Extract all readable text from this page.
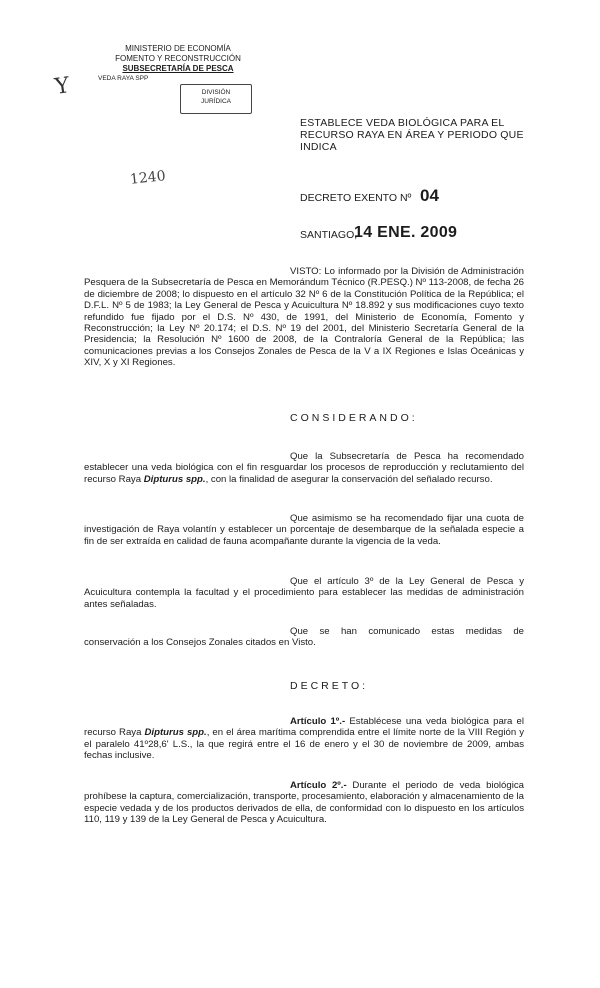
MINISTERIO DE ECONOMÍA
FOMENTO Y RECONSTRUCCIÓN
SUBSECRETARÍA DE PESCA
VEDA RAYA SPP
DIVISIÓN
JURÍDICA
Y
1240
ESTABLECE VEDA BIOLÓGICA PARA EL RECURSO RAYA EN ÁREA Y PERIODO QUE INDICA
DECRETO EXENTO Nº 04
SANTIAGO,
14 ENE. 2009
VISTO: Lo informado por la División de Administración Pesquera de la Subsecretaría de Pesca en Memorándum Técnico (R.PESQ.) Nº 113-2008, de fecha 26 de diciembre de 2008; lo dispuesto en el artículo 32 Nº 6 de la Constitución Política de la República; el D.F.L. Nº 5 de 1983; la Ley General de Pesca y Acuicultura Nº 18.892 y sus modificaciones cuyo texto refundido fue fijado por el D.S. Nº 430, de 1991, del Ministerio de Economía, Fomento y Reconstrucción; la Ley Nº 20.174; el D.S. Nº 19 del 2001, del Ministerio Secretaría General de la Presidencia; la Resolución Nº 1600 de 2008, de la Contraloría General de la República; las comunicaciones previas a los Consejos Zonales de Pesca de la V a IX Regiones e Islas Oceánicas y XIV, X y XI Regiones.
CONSIDERANDO:
Que la Subsecretaría de Pesca ha recomendado establecer una veda biológica con el fin resguardar los procesos de reproducción y reclutamiento del recurso Raya Dipturus spp., con la finalidad de asegurar la conservación del señalado recurso.
Que asimismo se ha recomendado fijar una cuota de investigación de Raya volantín y establecer un porcentaje de desembarque de la señalada especie a fin de ser extraída en calidad de fauna acompañante durante la vigencia de la veda.
Que el artículo 3º de la Ley General de Pesca y Acuicultura contempla la facultad y el procedimiento para establecer las medidas de administración antes señaladas.
Que se han comunicado estas medidas de conservación a los Consejos Zonales citados en Visto.
DECRETO:
Artículo 1º.- Establécese una veda biológica para el recurso Raya Dipturus spp., en el área marítima comprendida entre el límite norte de la VIII Región y el paralelo 41º28,6' L.S., la que regirá entre el 16 de enero y el 30 de noviembre de 2009, ambas fechas inclusive.
Artículo 2º.- Durante el periodo de veda biológica prohíbese la captura, comercialización, transporte, procesamiento, elaboración y almacenamiento de la especie vedada y de los productos derivados de ella, de conformidad con lo dispuesto en los artículos 110, 119 y 139 de la Ley General de Pesca y Acuicultura.
